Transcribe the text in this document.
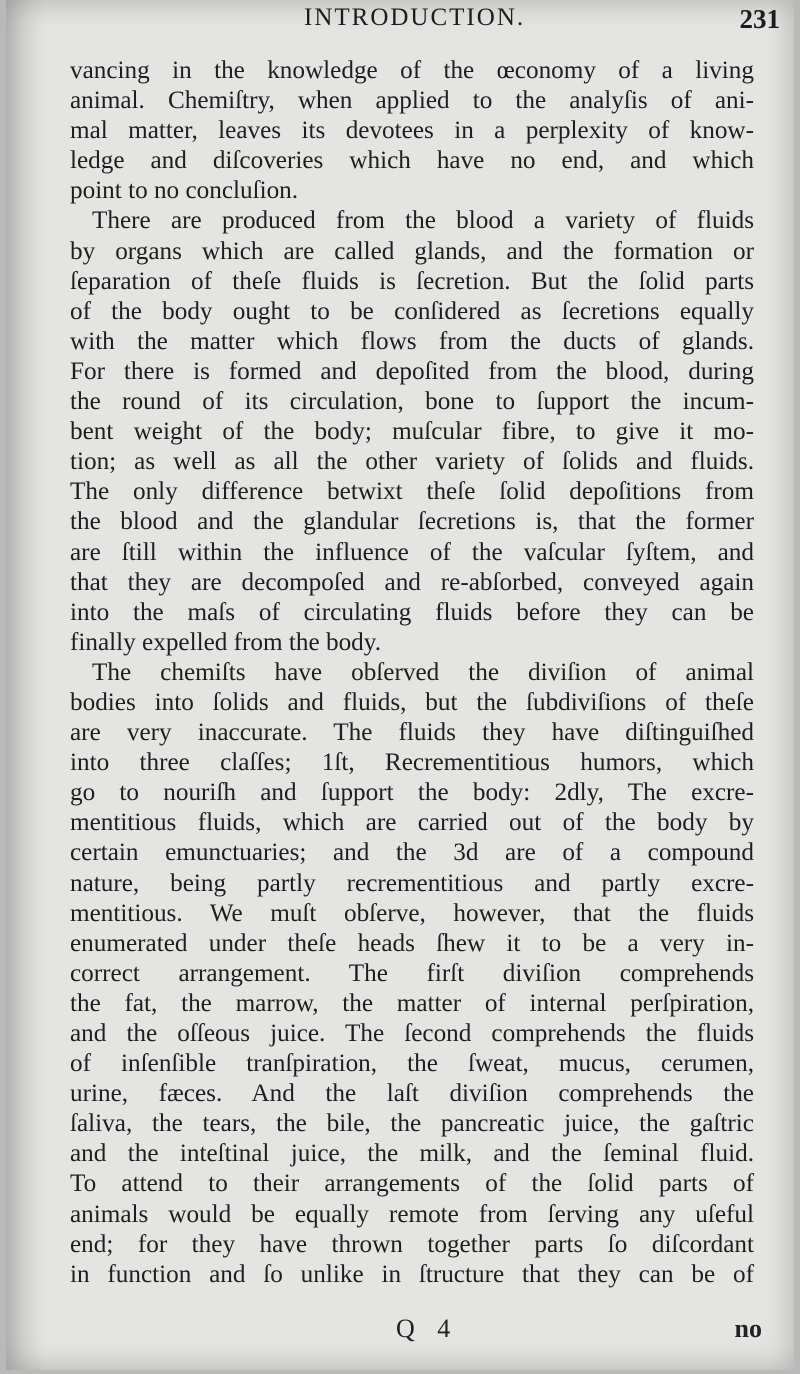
INTRODUCTION.	231
vancing in the knowledge of the œconomy of a living
animal. Chemiſtry, when applied to the analyſis of ani-
mal matter, leaves its devotees in a perplexity of know-
ledge and diſcoveries which have no end, and which
point to no concluſion.
There are produced from the blood a variety of fluids
by organs which are called glands, and the formation or
ſeparation of theſe fluids is ſecretion. But the ſolid parts
of the body ought to be conſidered as ſecretions equally
with the matter which flows from the ducts of glands.
For there is formed and depoſited from the blood, during
the round of its circulation, bone to ſupport the incum-
bent weight of the body; muſcular fibre, to give it mo-
tion; as well as all the other variety of ſolids and fluids.
The only difference betwixt theſe ſolid depoſitions from
the blood and the glandular ſecretions is, that the former
are ſtill within the influence of the vaſcular ſyſtem, and
that they are decompoſed and re-abſorbed, conveyed again
into the maſs of circulating fluids before they can be
finally expelled from the body.
The chemiſts have obſerved the diviſion of animal
bodies into ſolids and fluids, but the ſubdiviſions of theſe
are very inaccurate. The fluids they have diſtinguiſhed
into three claſſes; 1ſt, Recrementitious humors, which
go to nouriſh and ſupport the body: 2dly, The excre-
mentitious fluids, which are carried out of the body by
certain emunctuaries; and the 3d are of a compound
nature, being partly recrementitious and partly excre-
mentitious. We muſt obſerve, however, that the fluids
enumerated under theſe heads ſhew it to be a very in-
correct arrangement. The firſt diviſion comprehends
the fat, the marrow, the matter of internal perſpiration,
and the oſſeous juice. The ſecond comprehends the fluids
of inſenſible tranſpiration, the ſweat, mucus, cerumen,
urine, fæces. And the laſt diviſion comprehends the
ſaliva, the tears, the bile, the pancreatic juice, the gaſtric
and the inteſtinal juice, the milk, and the ſeminal fluid.
To attend to their arrangements of the ſolid parts of
animals would be equally remote from ſerving any uſeful
end; for they have thrown together parts ſo diſcordant
in function and ſo unlike in ſtructure that they can be of
Q 4	no
